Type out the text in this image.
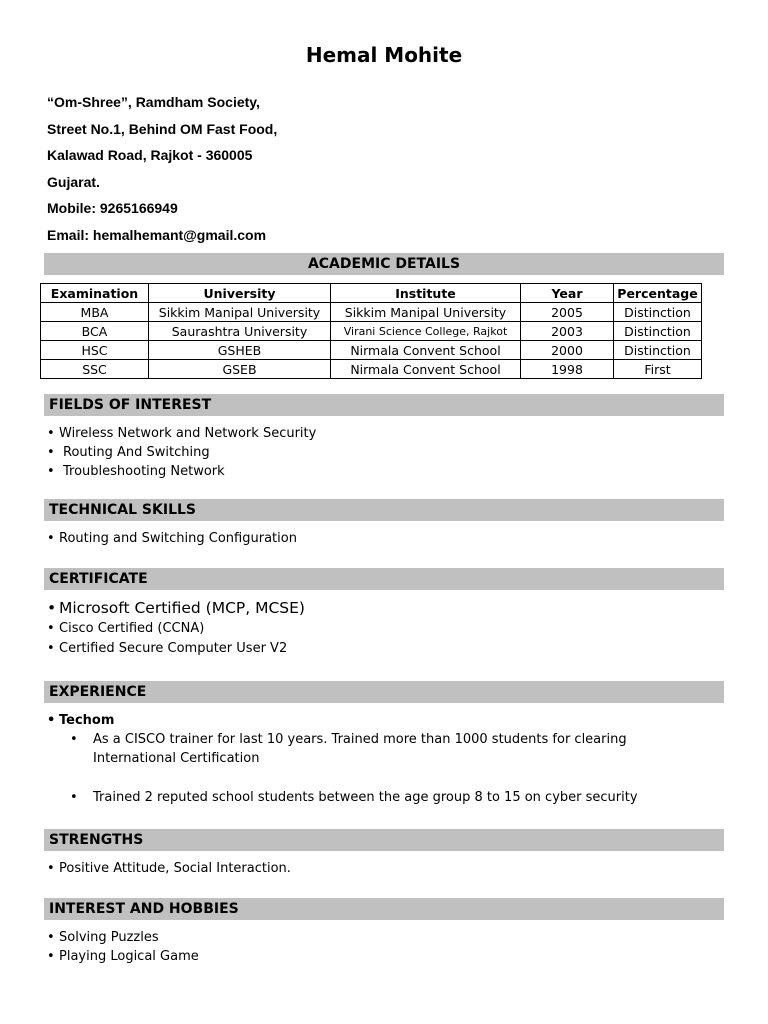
Hemal Mohite
“Om-Shree”, Ramdham Society,
Street No.1, Behind OM Fast Food,
Kalawad Road, Rajkot - 360005
Gujarat.
Mobile: 9265166949
Email: hemalhemant@gmail.com
ACADEMIC DETAILS
Examination	University	Institute	Year	Percentage
MBA	Sikkim Manipal University	Sikkim Manipal University	2005	Distinction
BCA	Saurashtra University	Virani Science College, Rajkot	2003	Distinction
HSC	GSHEB	Nirmala Convent School	2000	Distinction
SSC	GSEB	Nirmala Convent School	1998	First
FIELDS OF INTEREST
• Wireless Network and Network Security
• Routing And Switching
• Troubleshooting Network
TECHNICAL SKILLS
• Routing and Switching Configuration
CERTIFICATE
• Microsoft Certified (MCP, MCSE)
• Cisco Certified (CCNA)
• Certified Secure Computer User V2
EXPERIENCE
• Techom
• As a CISCO trainer for last 10 years. Trained more than 1000 students for clearing International Certification
• Trained 2 reputed school students between the age group 8 to 15 on cyber security
STRENGTHS
• Positive Attitude, Social Interaction.
INTEREST AND HOBBIES
• Solving Puzzles
• Playing Logical Game
